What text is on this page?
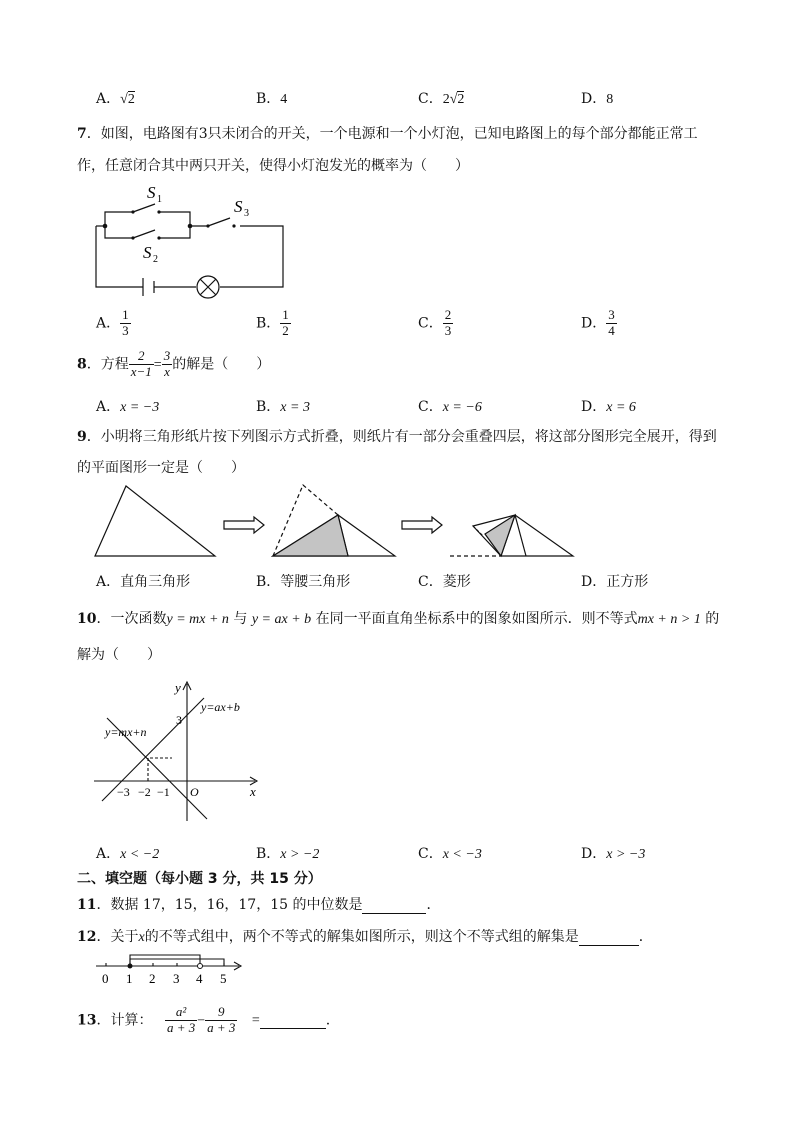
A．√2	B．4	C．2√2	D．8
7．如图，电路图有3只未闭合的开关，一个电源和一个小灯泡，已知电路图上的每个部分都能正常工
作，任意闭合其中两只开关，使得小灯泡发光的概率为（　　）
S 1
S 2
S 3
A． $\frac{1}{3}$	B． $\frac{1}{2}$	C． $\frac{2}{3}$	D． $\frac{3}{4}$
8．方程 $\frac{2}{x-1} = \frac{3}{x}$ 的解是（　　）
A．x = −3	B．x = 3	C．x = −6	D．x = 6
9．小明将三角形纸片按下列图示方式折叠，则纸片有一部分会重叠四层，将这部分图形完全展开，得到
的平面图形一定是（　　）
A．直角三角形	B．等腰三角形	C．菱形	D．正方形
10．一次函数y = mx + n 与 y = ax + b 在同一平面直角坐标系中的图象如图所示．则不等式mx + n > 1 的
解为（　　）
y
x
O
3
y=ax+b
y=mx+n
−3 −2 −1
A．x < −2	B．x > −2	C．x < −3	D．x > −3
二、填空题（每小题 3 分，共 15 分）
11．数据 17，15，16，17，15 的中位数是	．
12．关于x的不等式组中，两个不等式的解集如图所示，则这个不等式组的解集是	．
0 1 2 3 4 5
13．计算： $\frac{\text{a²}}{a + 3} - \frac{9}{a + 3}$ =	.
